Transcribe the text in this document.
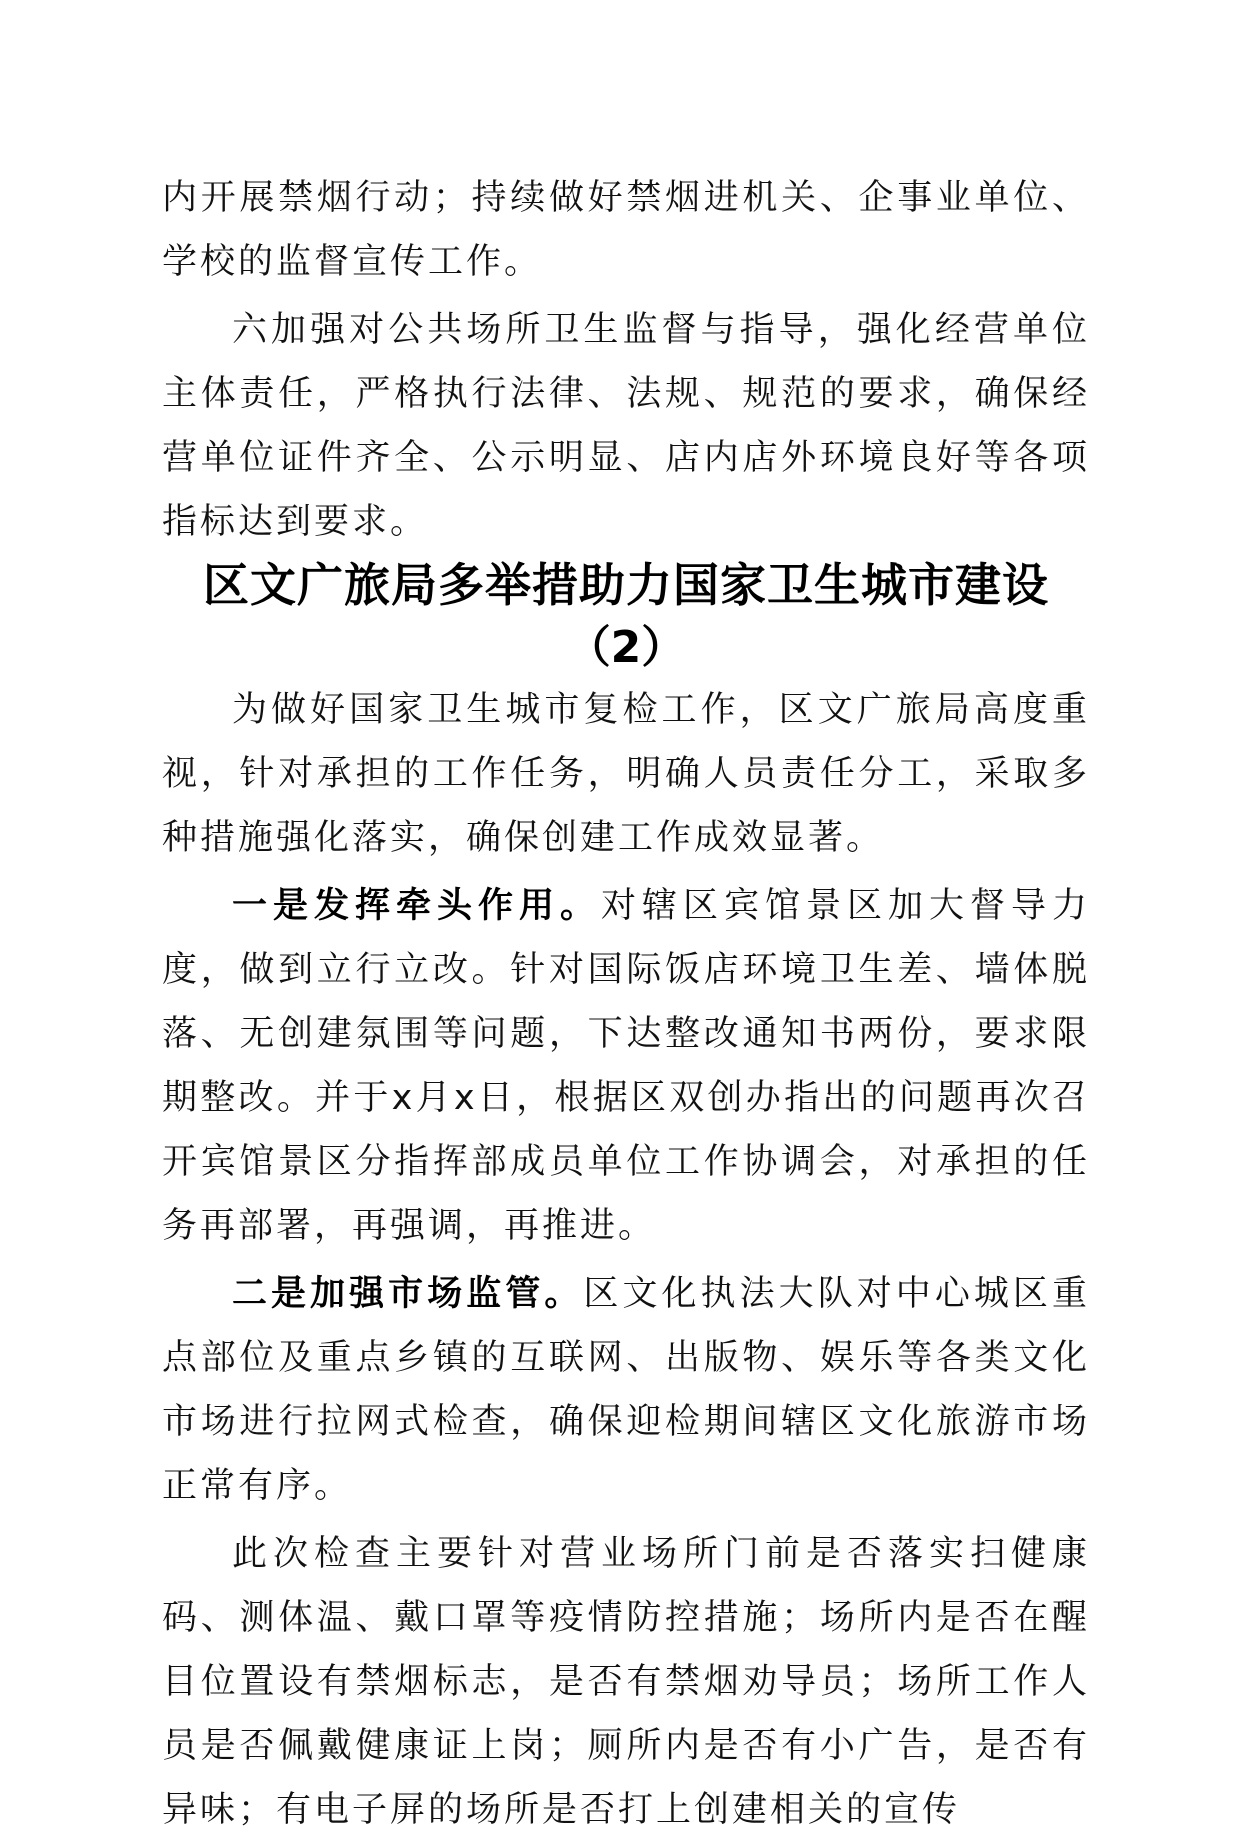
内开展禁烟行动；持续做好禁烟进机关、企事业单位、学校的监督宣传工作。

六加强对公共场所卫生监督与指导，强化经营单位主体责任，严格执行法律、法规、规范的要求，确保经营单位证件齐全、公示明显、店内店外环境良好等各项指标达到要求。

区文广旅局多举措助力国家卫生城市建设
（2）

为做好国家卫生城市复检工作，区文广旅局高度重视，针对承担的工作任务，明确人员责任分工，采取多种措施强化落实，确保创建工作成效显著。

一是发挥牵头作用。对辖区宾馆景区加大督导力度，做到立行立改。针对国际饭店环境卫生差、墙体脱落、无创建氛围等问题，下达整改通知书两份，要求限期整改。并于x月x日，根据区双创办指出的问题再次召开宾馆景区分指挥部成员单位工作协调会，对承担的任务再部署，再强调，再推进。

二是加强市场监管。区文化执法大队对中心城区重点部位及重点乡镇的互联网、出版物、娱乐等各类文化市场进行拉网式检查，确保迎检期间辖区文化旅游市场正常有序。

此次检查主要针对营业场所门前是否落实扫健康码、测体温、戴口罩等疫情防控措施；场所内是否在醒目位置设有禁烟标志，是否有禁烟劝导员；场所工作人员是否佩戴健康证上岗；厕所内是否有小广告，是否有异味；有电子屏的场所是否打上创建相关的宣传
